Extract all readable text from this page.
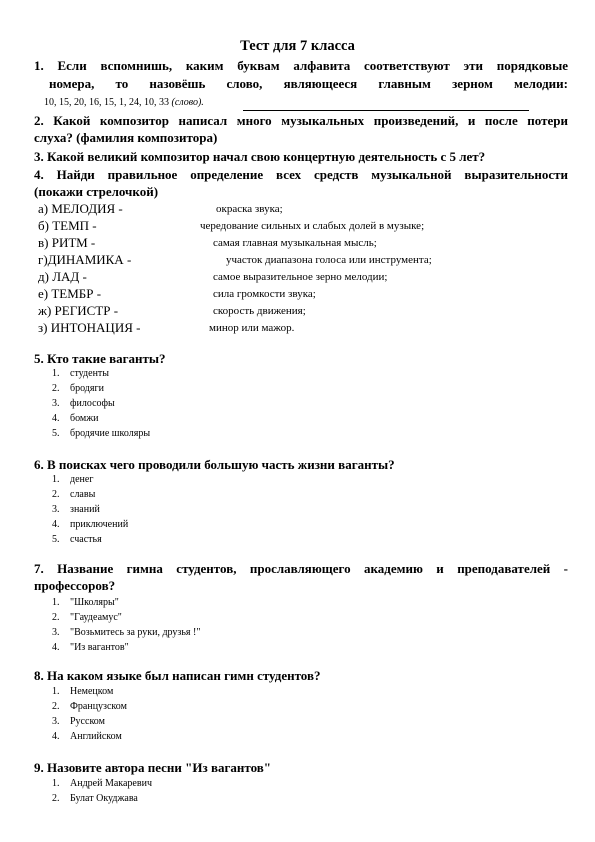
Тест для 7 класса
1. Если вспомнишь, каким буквам алфавита соответствуют эти порядковые
номера, то назовёшь слово, являющееся главным зерном мелодии:
10, 15, 20, 16, 15, 1, 24, 10, 33 (слово).
2. Какой композитор написал много музыкальных произведений, и после потери
слуха? (фамилия композитора)
3. Какой великий композитор начал свою концертную деятельность с 5 лет?
4. Найди правильное определение всех средств музыкальной выразительности
(покажи стрелочкой)
а) МЕЛОДИЯ -
б) ТЕМП -
в) РИТМ -
г)ДИНАМИКА -
д) ЛАД -
е) ТЕМБР -
ж) РЕГИСТР -
з) ИНТОНАЦИЯ -
окраска звука;
чередование сильных и слабых долей в музыке;
самая главная музыкальная мысль;
участок диапазона голоса или инструмента;
самое выразительное зерно мелодии;
сила громкости звука;
скорость движения;
минор или мажор.
5. Кто такие ваганты?
1. студенты
2. бродяги
3. философы
4. бомжи
5. бродячие школяры
6. В поисках чего проводили большую часть жизни ваганты?
1. денег
2. славы
3. знаний
4. приключений
5. счастья
7. Название гимна студентов, прославляющего академию и преподавателей -
профессоров?
1. "Школяры"
2. "Гаудеамус"
3. "Возьмитесь за руки, друзья !"
4. "Из вагантов"
8. На каком языке был написан гимн студентов?
1. Немецком
2. Французском
3. Русском
4. Английском
9. Назовите автора песни "Из вагантов"
1. Андрей Макаревич
2. Булат Окуджава
